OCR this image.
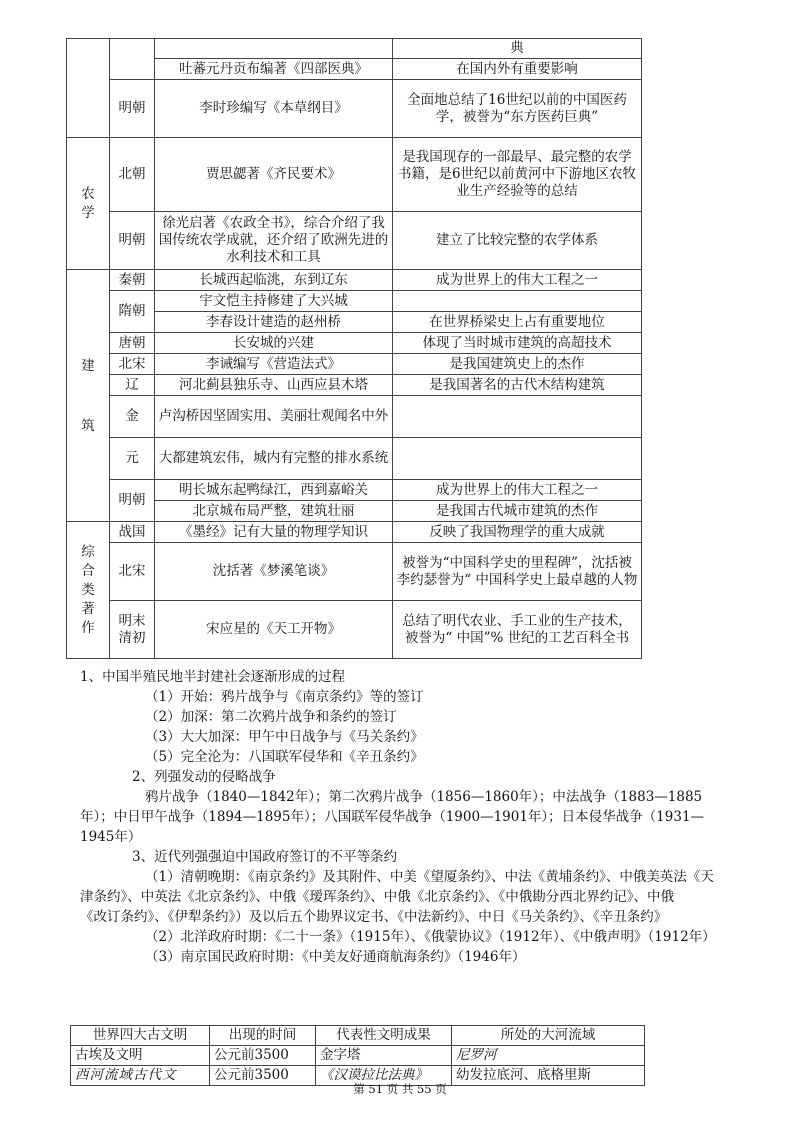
			典
		吐蕃元丹贡布编著《四部医典》	在国内外有重要影响
	明朝	李时珍编写《本草纲目》	全面地总结了16世纪以前的中国医药学，被誉为“东方医药巨典”
农学	北朝	贾思勰著《齐民要术》	是我国现存的一部最早、最完整的农学书籍，是6世纪以前黄河中下游地区农牧业生产经验等的总结
	明朝	徐光启著《农政全书》，综合介绍了我国传统农学成就，还介绍了欧洲先进的水利技术和工具	建立了比较完整的农学体系
建筑	秦朝	长城西起临洮，东到辽东	成为世界上的伟大工程之一
	隋朝	宇文恺主持修建了大兴城	
		李春设计建造的赵州桥	在世界桥梁史上占有重要地位
	唐朝	长安城的兴建	体现了当时城市建筑的高超技术
	北宋	李诫编写《营造法式》	是我国建筑史上的杰作
	辽	河北蓟县独乐寺、山西应县木塔	是我国著名的古代木结构建筑
	金	卢沟桥因坚固实用、美丽壮观闻名中外	
	元	大都建筑宏伟，城内有完整的排水系统	
	明朝	明长城东起鸭绿江，西到嘉峪关	成为世界上的伟大工程之一
		北京城布局严整，建筑壮丽	是我国古代城市建筑的杰作
综合类著作	战国	《墨经》记有大量的物理学知识	反映了我国物理学的重大成就
	北宋	沈括著《梦溪笔谈》	被誉为“中国科学史的里程碑”，沈括被李约瑟誉为“ 中国科学史上最卓越的人物
	明末清初	宋应星的《天工开物》	总结了明代农业、手工业的生产技术，被誉为“ 中国”% 世纪的工艺百科全书

1、中国半殖民地半封建社会逐渐形成的过程

（1）开始：鸦片战争与《南京条约》等的签订

（2）加深：第二次鸦片战争和条约的签订

（3）大大加深：甲午中日战争与《马关条约》

（5）完全沦为：八国联军侵华和《辛丑条约》

2、列强发动的侵略战争

鸦片战争（1840—1842年）；第二次鸦片战争（1856—1860年）；中法战争（1883—1885

年）；中日甲午战争（1894—1895年）；八国联军侵华战争（1900—1901年）；日本侵华战争（1931—

1945年）

3、近代列强强迫中国政府签订的不平等条约

（1）清朝晚期：《南京条约》及其附件、中美《望厦条约》、中法《黄埔条约》、中俄美英法《天

津条约》、中英法《北京条约》、中俄《瑷珲条约》、中俄《北京条约》、《中俄勘分西北界约记》、中俄

《改订条约》、《伊犁条约》）及以后五个勘界议定书、《中法新约》、中日《马关条约》、《辛丑条约》

（2）北洋政府时期：《二十一条》（1915年）、《俄蒙协议》（1912年）、《中俄声明》（1912年）

（3）南京国民政府时期：《中美友好通商航海条约》（1946年）

世界四大古文明	出现的时间	代表性文明成果	所处的大河流域
古埃及文明	公元前3500	金字塔	尼罗河
西河流域古代文	公元前3500	《汉谟拉比法典》	幼发拉底河、底格里斯
第 51 页 共 55 页
